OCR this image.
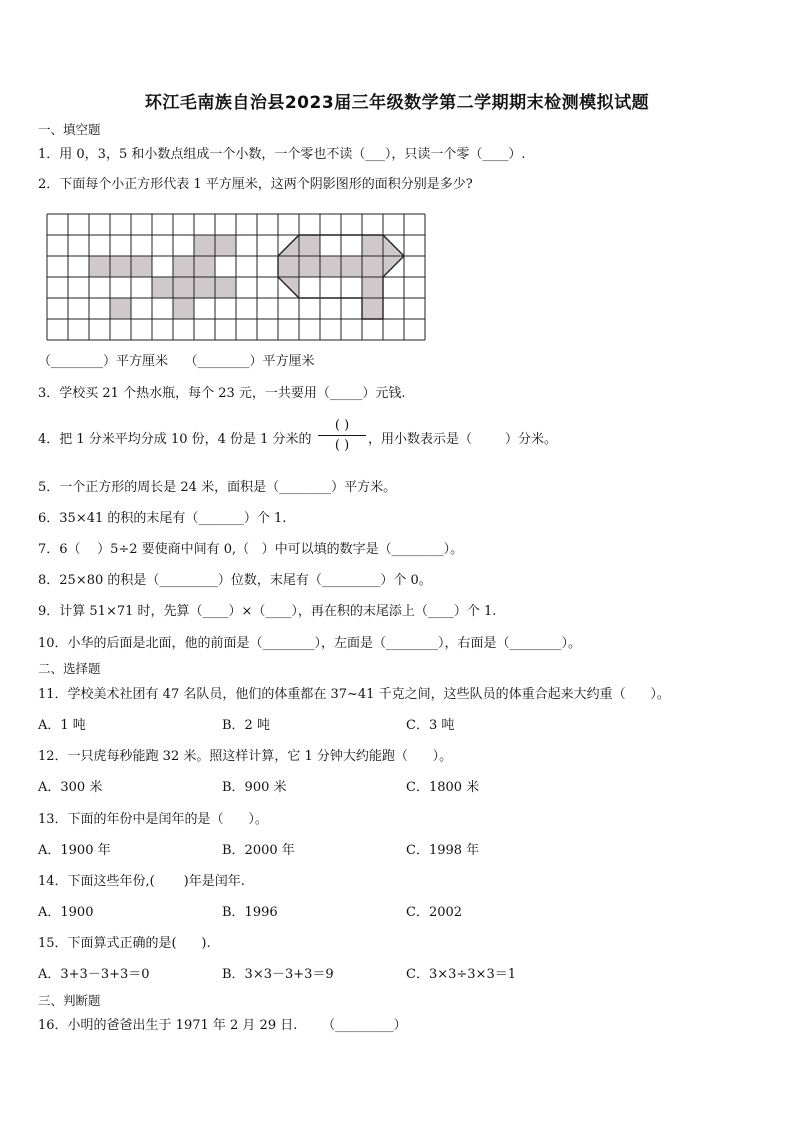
环江毛南族自治县2023届三年级数学第二学期期末检测模拟试题
一、填空题
1．用 0，3，5 和小数点组成一个小数，一个零也不读（___），只读一个零（____）.
2．下面每个小正方形代表 1 平方厘米，这两个阴影图形的面积分别是多少?
（________）平方厘米    （________）平方厘米
3．学校买 21 个热水瓶，每个 23 元，一共要用（_____）元钱.
4．把 1 分米平均分成 10 份，4 份是 1 分米的
( )
( )	，用小数表示是（        ）分米。
5．一个正方形的周长是 24 米，面积是（________）平方米。
6．35×41 的积的末尾有（_______）个 1.
7．6（    ）5÷2 要使商中间有 0,（   ）中可以填的数字是（________）。
8．25×80 的积是（_________）位数，末尾有（_________）个 0。
9．计算 51×71 时，先算（____）×（____），再在积的末尾添上（____）个 1.
10．小华的后面是北面，他的前面是（________），左面是（________），右面是（________）。
二、选择题
11．学校美术社团有 47 名队员，他们的体重都在 37~41 千克之间，这些队员的体重合起来大约重（      ）。
A．1 吨	B．2 吨	C．3 吨
12．一只虎每秒能跑 32 米。照这样计算，它 1 分钟大约能跑（      ）。
A．300 米	B．900 米	C．1800 米
13．下面的年份中是闰年的是（      ）。
A．1900 年	B．2000 年	C．1998 年
14．下面这些年份,(       )年是闰年.
A．1900	B．1996	C．2002
15．下面算式正确的是(      ).
A．3+3－3+3＝0	B．3×3－3+3＝9	C．3×3÷3×3＝1
三、判断题
16．小明的爸爸出生于 1971 年 2 月 29 日.      （_________）
